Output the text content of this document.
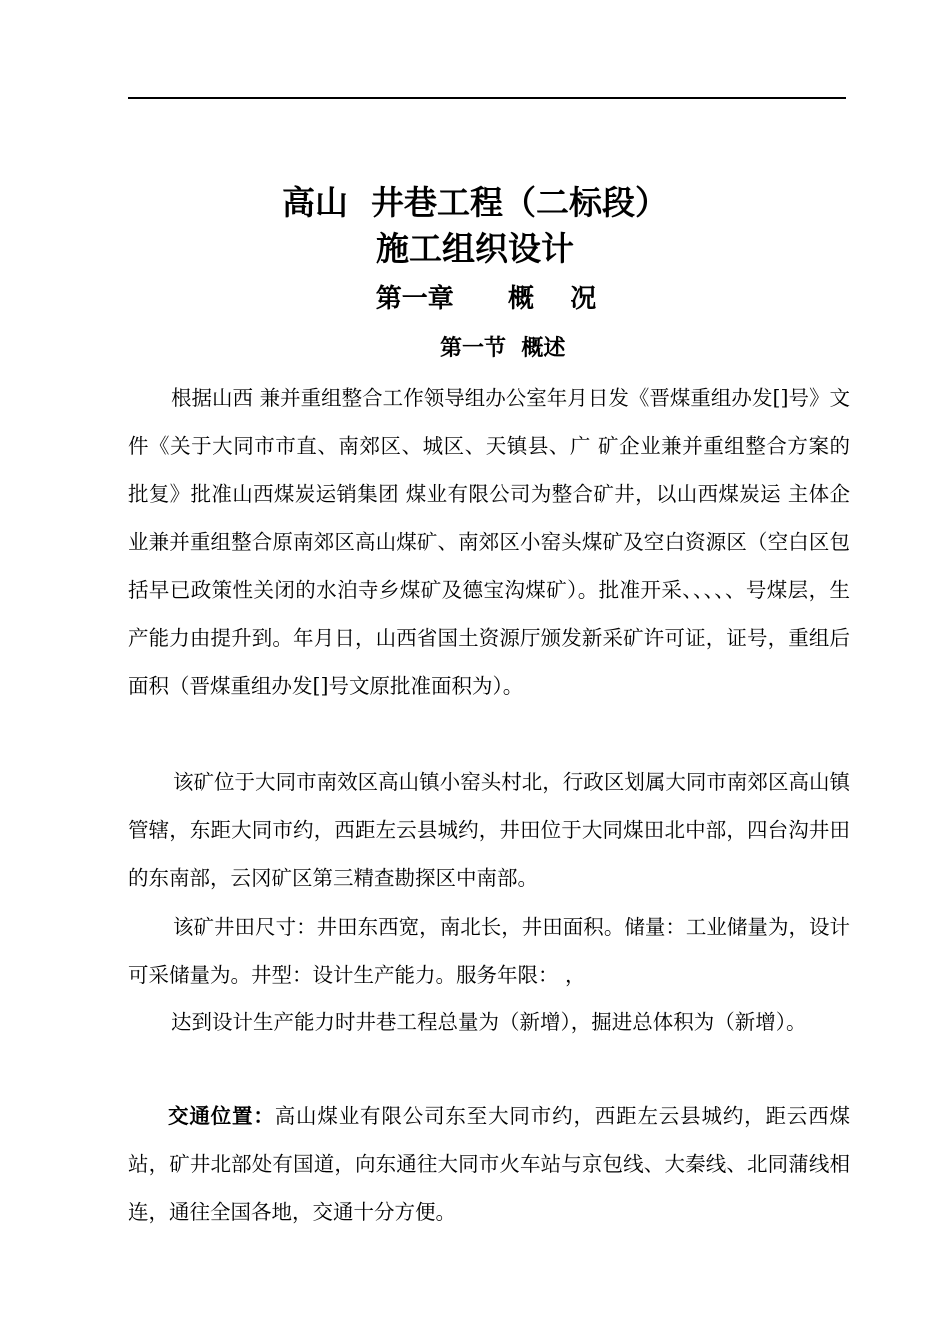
高山  井巷工程（二标段）
施工组织设计
第一章      概    况
第一节  概述

根据山西 兼并重组整合工作领导组办公室年月日发《晋煤重组办发[]号》文件《关于大同市市直、南郊区、城区、天镇县、广 矿企业兼并重组整合方案的批复》批准山西煤炭运销集团 煤业有限公司为整合矿井，以山西煤炭运 主体企业兼并重组整合原南郊区高山煤矿、南郊区小窑头煤矿及空白资源区（空白区包括早已政策性关闭的水泊寺乡煤矿及德宝沟煤矿）。批准开采、、、、、号煤层，生产能力由提升到。年月日，山西省国土资源厅颁发新采矿许可证，证号，重组后面积（晋煤重组办发[]号文原批准面积为）。

该矿位于大同市南效区高山镇小窑头村北，行政区划属大同市南郊区高山镇管辖，东距大同市约，西距左云县城约，井田位于大同煤田北中部，四台沟井田的东南部，云冈矿区第三精查勘探区中南部。

该矿井田尺寸：井田东西宽，南北长，井田面积。储量：工业储量为，设计可采储量为。井型：设计生产能力。服务年限： ，

达到设计生产能力时井巷工程总量为（新增），掘进总体积为（新增）。

交通位置：高山煤业有限公司东至大同市约，西距左云县城约，距云西煤站，矿井北部处有国道，向东通往大同市火车站与京包线、大秦线、北同蒲线相连，通往全国各地，交通十分方便。
